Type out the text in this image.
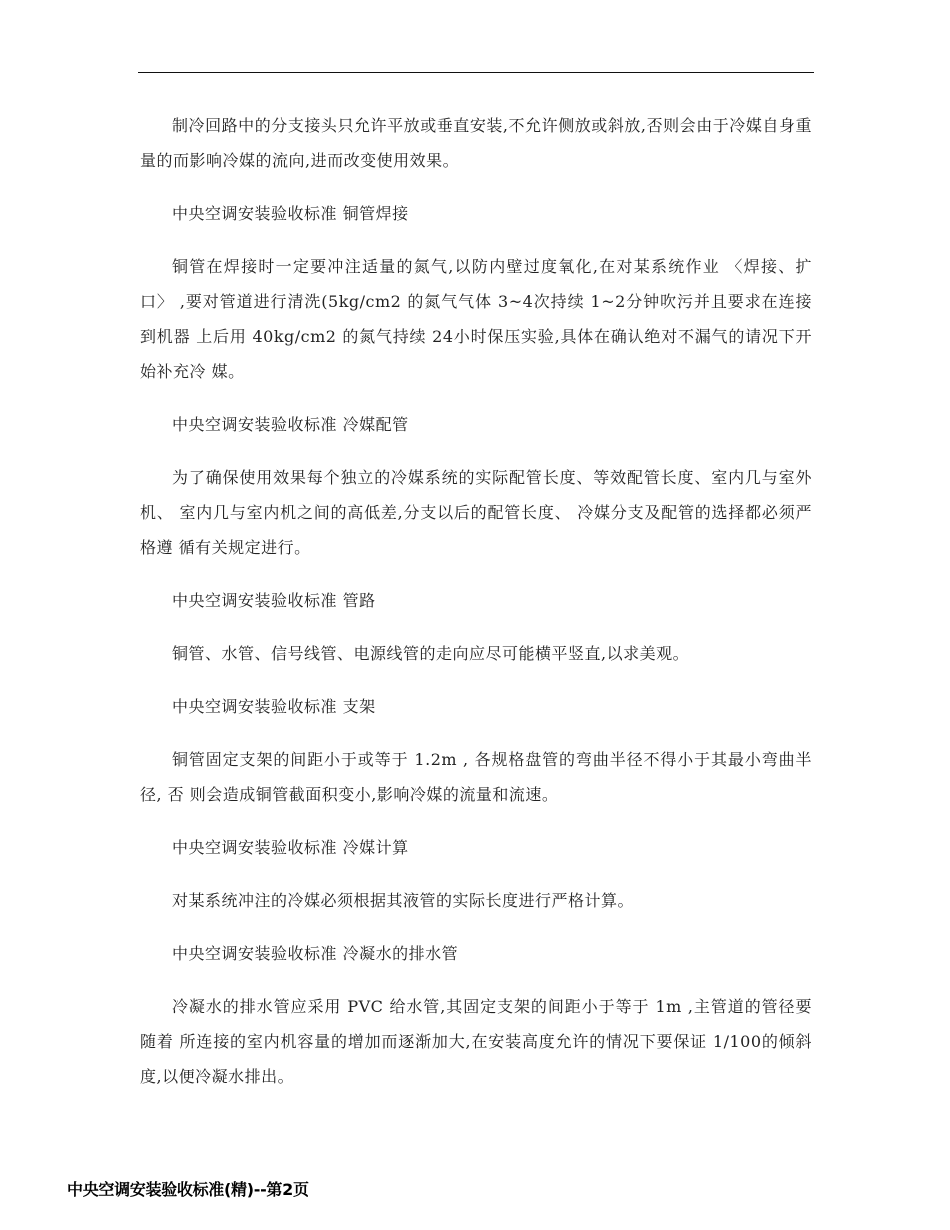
制冷回路中的分支接头只允许平放或垂直安装,不允许侧放或斜放,否则会由于冷媒自身重 量的而影响冷媒的流向,进而改变使用效果。

中央空调安装验收标准 铜管焊接

铜管在焊接时一定要冲注适量的氮气,以防内壁过度氧化,在对某系统作业 〈焊接、扩口〉 ,要对管道进行清洗(5kg/cm2 的氮气气体 3~4次持续 1~2分钟吹污并且要求在连接到机器 上后用 40kg/cm2 的氮气持续 24小时保压实验,具体在确认绝对不漏气的请况下开始补充冷 媒。

中央空调安装验收标准 冷媒配管

为了确保使用效果每个独立的冷媒系统的实际配管长度、等效配管长度、室内几与室外机、 室内几与室内机之间的高低差,分支以后的配管长度、 冷媒分支及配管的选择都必须严格遵 循有关规定进行。

中央空调安装验收标准 管路

铜管、水管、信号线管、电源线管的走向应尽可能横平竖直,以求美观。

中央空调安装验收标准 支架

铜管固定支架的间距小于或等于 1.2m , 各规格盘管的弯曲半径不得小于其最小弯曲半径, 否 则会造成铜管截面积变小,影响冷媒的流量和流速。

中央空调安装验收标准 冷媒计算

对某系统冲注的冷媒必须根据其液管的实际长度进行严格计算。

中央空调安装验收标准 冷凝水的排水管

冷凝水的排水管应采用 PVC 给水管,其固定支架的间距小于等于 1m ,主管道的管径要随着 所连接的室内机容量的增加而逐渐加大,在安装高度允许的情况下要保证 1/100的倾斜度,以便冷凝水排出。

中央空调安装验收标准(精)--第2页
